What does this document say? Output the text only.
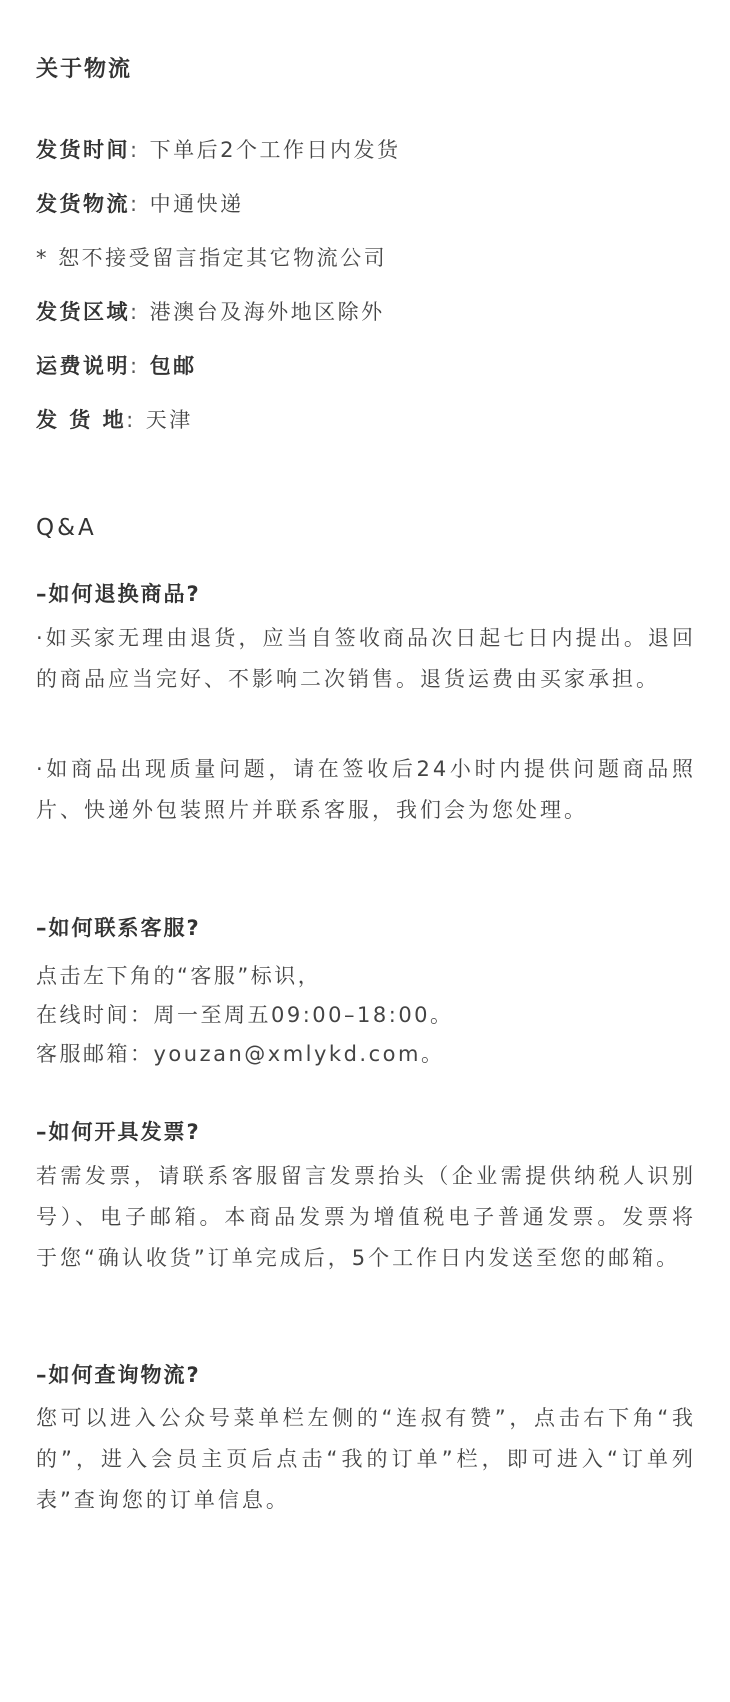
关于物流
发货时间: 下单后2个工作日内发货
发货物流: 中通快递
* 恕不接受留言指定其它物流公司
发货区域: 港澳台及海外地区除外
运费说明: 包邮
发 货 地: 天津
Q&A
–如何退换商品?
·如买家无理由退货，应当自签收商品次日起七日内提出。退回的商品应当完好、不影响二次销售。退货运费由买家承担。
·如商品出现质量问题，请在签收后24小时内提供问题商品照片、快递外包装照片并联系客服，我们会为您处理。
–如何联系客服?
点击左下角的“客服”标识，
在线时间：周一至周五09:00–18:00。
客服邮箱：youzan@xmlykd.com。
–如何开具发票?
若需发票，请联系客服留言发票抬头（企业需提供纳税人识别号）、电子邮箱。本商品发票为增值税电子普通发票。发票将于您“确认收货”订单完成后，5个工作日内发送至您的邮箱。
–如何查询物流?
您可以进入公众号菜单栏左侧的“连叔有赞”，点击右下角“我的”，进入会员主页后点击“我的订单”栏，即可进入“订单列表”查询您的订单信息。
